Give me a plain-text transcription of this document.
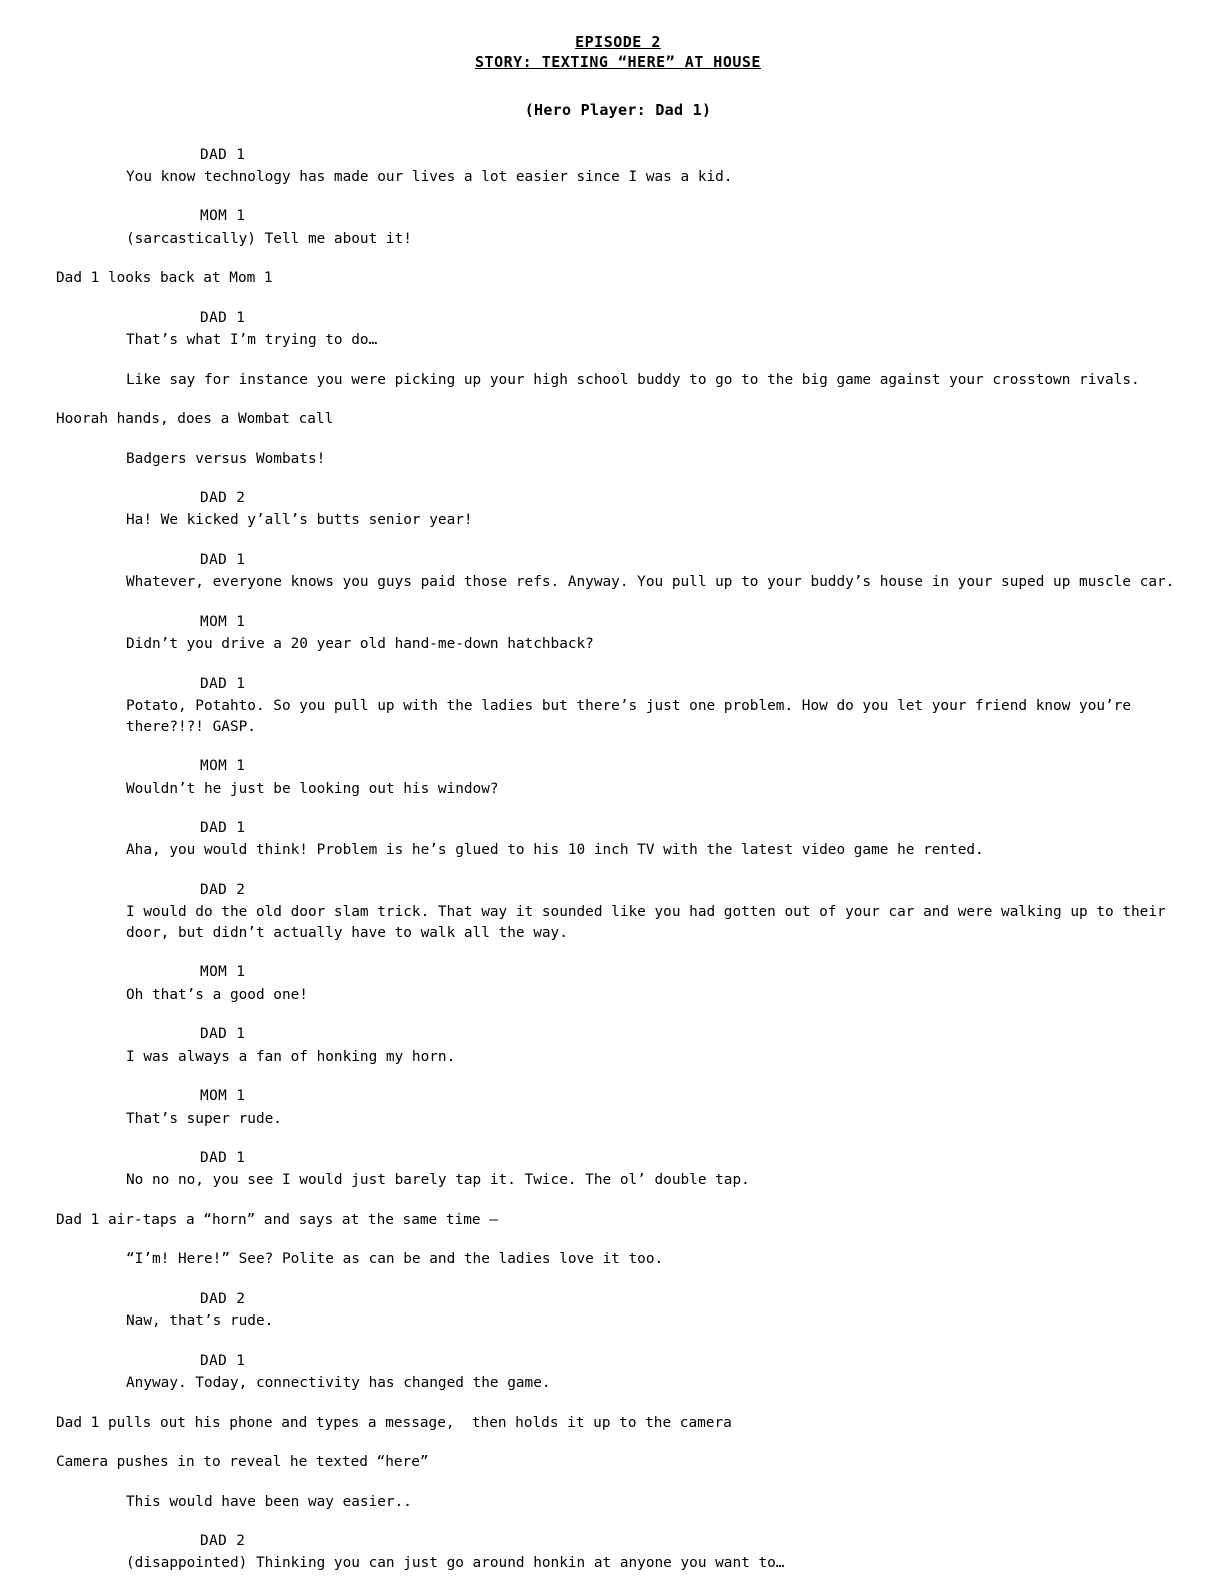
EPISODE 2
STORY: TEXTING “HERE” AT HOUSE
(Hero Player: Dad 1)
DAD 1
You know technology has made our lives a lot easier since I was a kid.
MOM 1
(sarcastically) Tell me about it!
Dad 1 looks back at Mom 1
DAD 1
That’s what I’m trying to do…
Like say for instance you were picking up your high school buddy to go to the big game against your crosstown rivals.
Hoorah hands, does a Wombat call
Badgers versus Wombats!
DAD 2
Ha! We kicked y’all’s butts senior year!
DAD 1
Whatever, everyone knows you guys paid those refs. Anyway. You pull up to your buddy’s house in your suped up muscle car.
MOM 1
Didn’t you drive a 20 year old hand-me-down hatchback?
DAD 1
Potato, Potahto. So you pull up with the ladies but there’s just one problem. How do you let your friend know you’re there?!?! GASP.
MOM 1
Wouldn’t he just be looking out his window?
DAD 1
Aha, you would think! Problem is he’s glued to his 10 inch TV with the latest video game he rented.
DAD 2
I would do the old door slam trick. That way it sounded like you had gotten out of your car and were walking up to their door, but didn’t actually have to walk all the way.
MOM 1
Oh that’s a good one!
DAD 1
I was always a fan of honking my horn.
MOM 1
That’s super rude.
DAD 1
No no no, you see I would just barely tap it. Twice. The ol’ double tap.
Dad 1 air-taps a “horn” and says at the same time –
“I’m! Here!” See? Polite as can be and the ladies love it too.
DAD 2
Naw, that’s rude.
DAD 1
Anyway. Today, connectivity has changed the game.
Dad 1 pulls out his phone and types a message,  then holds it up to the camera
Camera pushes in to reveal he texted “here”
This would have been way easier..
DAD 2
(disappointed) Thinking you can just go around honkin at anyone you want to…
